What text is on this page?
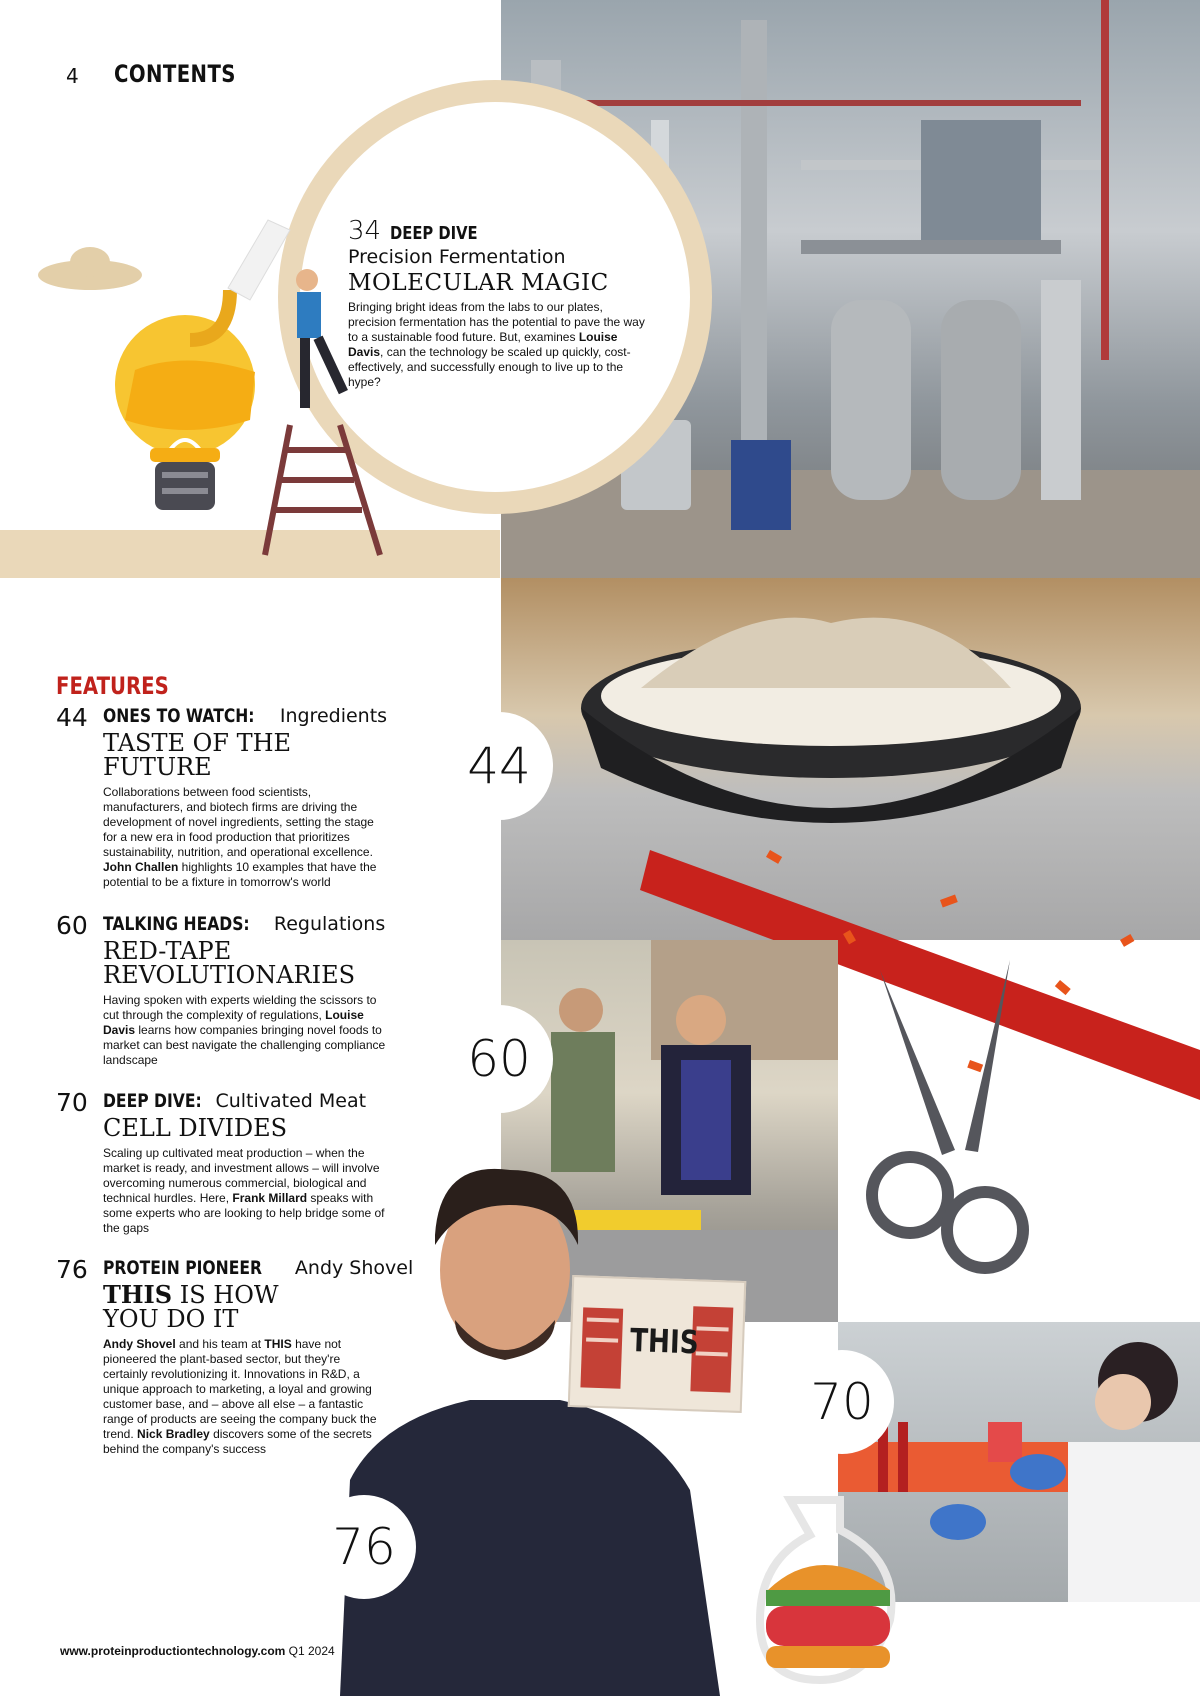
4 CONTENTS
34 DEEP DIVE
Precision Fermentation
MOLECULAR MAGIC
Bringing bright ideas from the labs to our plates, precision fermentation has the potential to pave the way to a sustainable food future. But, examines Louise Davis, can the technology be scaled up quickly, cost-effectively, and successfully enough to live up to the hype?
THIS
44
60
70
76
FEATURES
44 ONES TO WATCH: Ingredients
TASTE OF THE
FUTURE
Collaborations between food scientists, manufacturers, and biotech firms are driving the development of novel ingredients, setting the stage for a new era in food production that prioritizes sustainability, nutrition, and operational excellence. John Challen highlights 10 examples that have the potential to be a fixture in tomorrow's world
60 TALKING HEADS: Regulations
RED-TAPE
REVOLUTIONARIES
Having spoken with experts wielding the scissors to cut through the complexity of regulations, Louise Davis learns how companies bringing novel foods to market can best navigate the challenging compliance landscape
70 DEEP DIVE: Cultivated Meat
CELL DIVIDES
Scaling up cultivated meat production – when the market is ready, and investment allows – will involve overcoming numerous commercial, biological and technical hurdles. Here, Frank Millard speaks with some experts who are looking to help bridge some of the gaps
76 PROTEIN PIONEER Andy Shovel
THIS IS HOW
YOU DO IT
Andy Shovel and his team at THIS have not pioneered the plant-based sector, but they're certainly revolutionizing it. Innovations in R&D, a unique approach to marketing, a loyal and growing customer base, and – above all else – a fantastic range of products are seeing the company buck the trend. Nick Bradley discovers some of the secrets behind the company's success
www.proteinproductiontechnology.com Q1 2024
